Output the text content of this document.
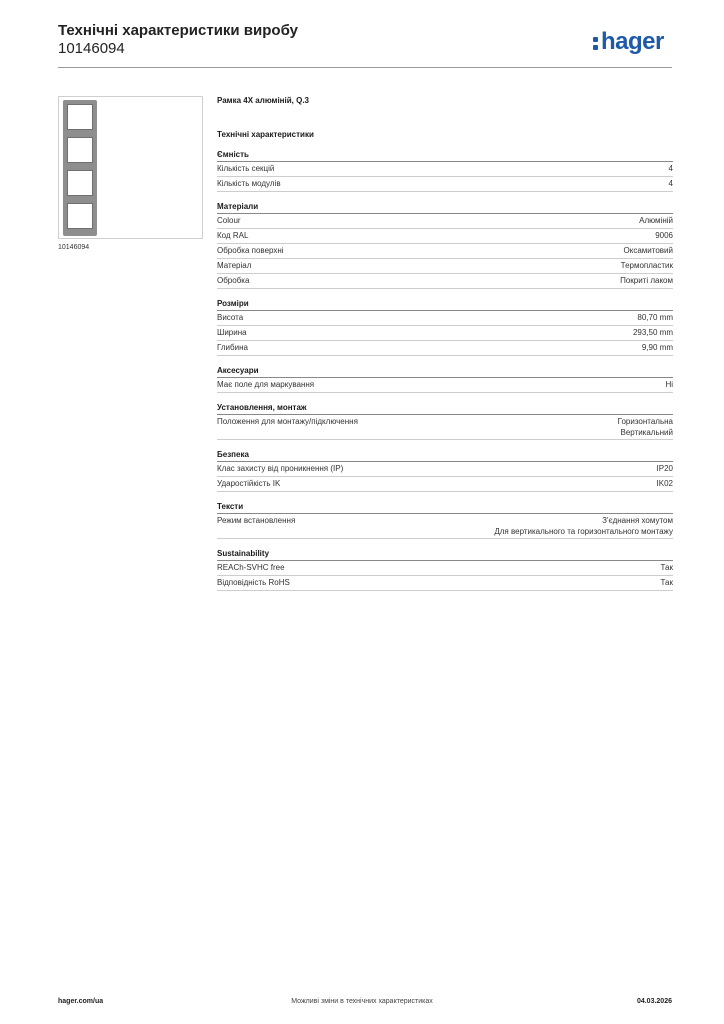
Технічні характеристики виробу
10146094	hager
10146094
Рамка 4X алюміній, Q.3
Технічні характеристики
Ємність
Кількість секцій	4
Кількість модулів	4
Матеріали
Colour	Алюміній
Код RAL	9006
Обробка поверхні	Оксамитовий
Матеріал	Термопластик
Обробка	Покриті лаком
Розміри
Висота	80,70 mm
Ширина	293,50 mm
Глибина	9,90 mm
Аксесуари
Має поле для маркування	Ні
Установлення, монтаж
Положення для монтажу/підключення	Горизонтальна
Вертикальний
Безпека
Клас захисту від проникнення (IP)	IP20
Ударостійкість IK	IK02
Тексти
Режим встановлення	З'єднання хомутом
Для вертикального та горизонтального монтажу
Sustainability
REACh-SVHC free	Так
Відповідність RoHS	Так
hager.com/ua	Можливі зміни в технічних характеристиках	04.03.2026
